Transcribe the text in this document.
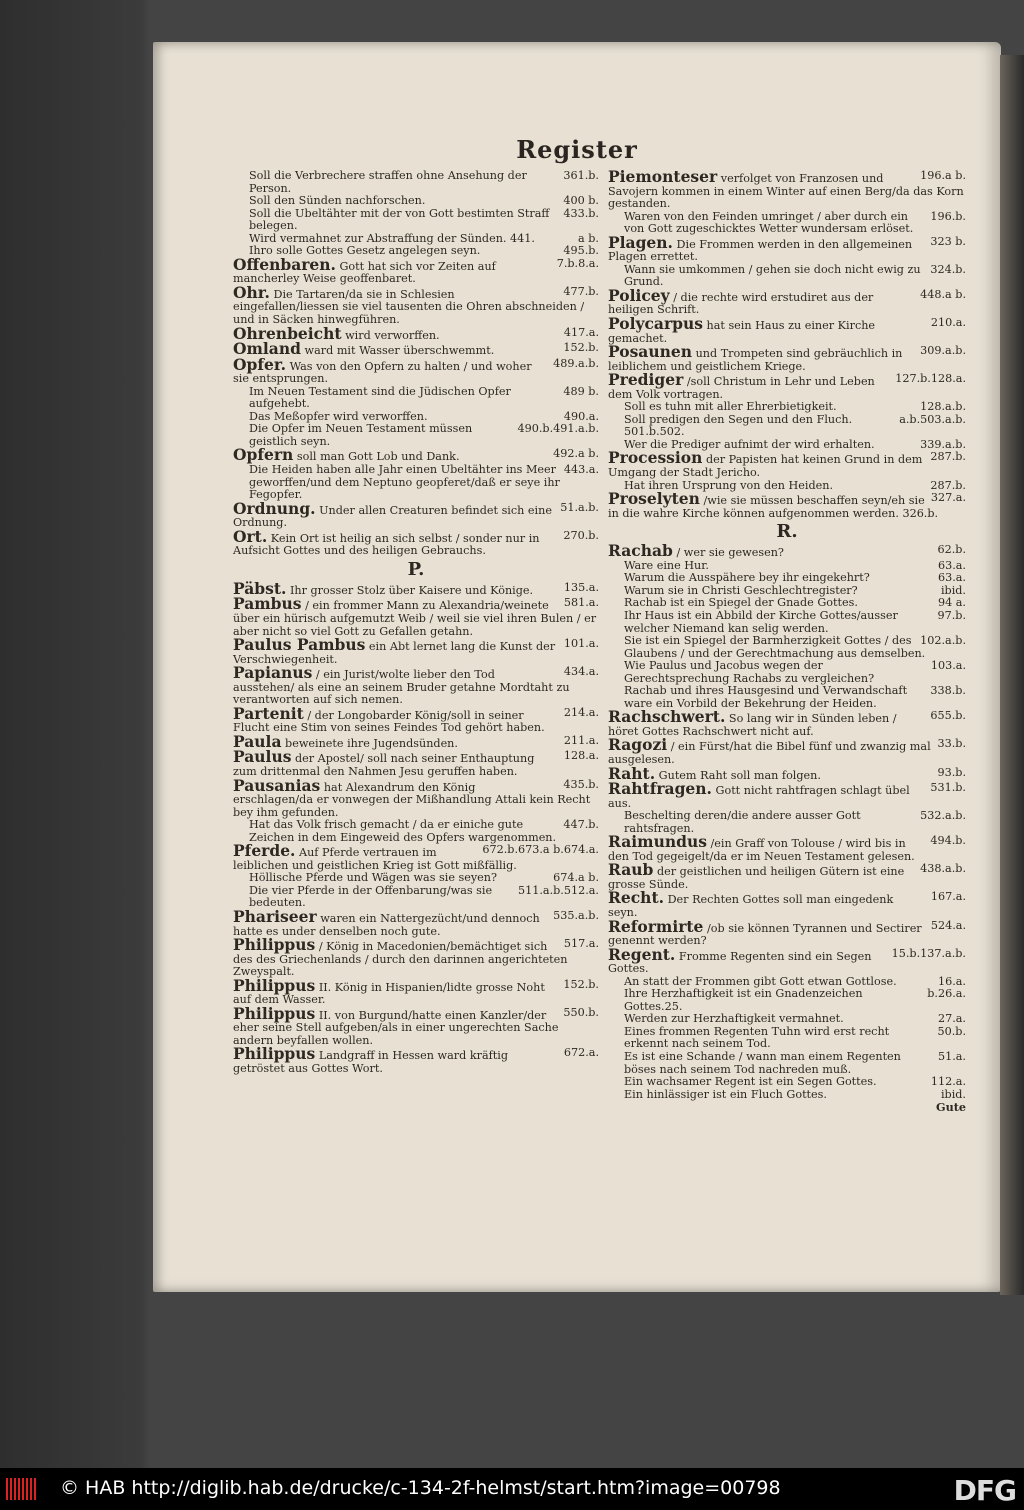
Register
361.b.
Soll die Verbrechere straffen ohne Ansehung der Person.
400 b.
Soll den Sünden nachforschen.
433.b.
Soll die Ubeltähter mit der von Gott bestimten Straff belegen.
a b.
Wird vermahnet zur Abstraffung der Sünden. 441.
495.b.
Ihro solle Gottes Gesetz angelegen seyn.
7.b.8.a.
Offenbaren. Gott hat sich vor Zeiten auf mancherley Weise geoffenbaret.
477.b.
Ohr. Die Tartaren/da sie in Schlesien eingefallen/liessen sie viel tausenten die Ohren abschneiden / und in Säcken hinwegführen.
417.a.
Ohrenbeicht wird verworffen.
152.b.
Omland ward mit Wasser überschwemmt.
489.a.b.
Opfer. Was von den Opfern zu halten / und woher sie entsprungen.
489 b.
Im Neuen Testament sind die Jüdischen Opfer aufgehebt.
490.a.
Das Meßopfer wird verworffen.
490.b.491.a.b.
Die Opfer im Neuen Testament müssen geistlich seyn.
492.a b.
Opfern soll man Gott Lob und Dank.
443.a.
Die Heiden haben alle Jahr einen Ubeltähter ins Meer geworffen/und dem Neptuno geopferet/daß er seye ihr Fegopfer.
51.a.b.
Ordnung. Under allen Creaturen befindet sich eine Ordnung.
270.b.
Ort. Kein Ort ist heilig an sich selbst / sonder nur in Aufsicht Gottes und des heiligen Gebrauchs.
P.
135.a.
Päbst. Ihr grosser Stolz über Kaisere und Könige.
581.a.
Pambus / ein frommer Mann zu Alexandria/weinete über ein hürisch aufgemutzt Weib / weil sie viel ihren Bulen / er aber nicht so viel Gott zu Gefallen getahn.
101.a.
Paulus Pambus ein Abt lernet lang die Kunst der Verschwiegenheit.
434.a.
Papianus / ein Jurist/wolte lieber den Tod ausstehen/ als eine an seinem Bruder getahne Mordtaht zu verantworten auf sich nemen.
214.a.
Partenit / der Longobarder König/soll in seiner Flucht eine Stim von seines Feindes Tod gehört haben.
211.a.
Paula beweinete ihre Jugendsünden.
128.a.
Paulus der Apostel/ soll nach seiner Enthauptung zum drittenmal den Nahmen Jesu geruffen haben.
435.b.
Pausanias hat Alexandrum den König erschlagen/da er vonwegen der Mißhandlung Attali kein Recht bey ihm gefunden.
447.b.
Hat das Volk frisch gemacht / da er einiche gute Zeichen in dem Eingeweid des Opfers wargenommen.
672.b.673.a b.674.a.
Pferde. Auf Pferde vertrauen im leiblichen und geistlichen Krieg ist Gott mißfällig.
674.a b.
Höllische Pferde und Wägen was sie seyen?
511.a.b.512.a.
Die vier Pferde in der Offenbarung/was sie bedeuten.
535.a.b.
Phariseer waren ein Nattergezücht/und dennoch hatte es under denselben noch gute.
517.a.
Philippus / König in Macedonien/bemächtiget sich des des Griechenlands / durch den darinnen angerichteten Zweyspalt.
152.b.
Philippus II. König in Hispanien/lidte grosse Noht auf dem Wasser.
550.b.
Philippus II. von Burgund/hatte einen Kanzler/der eher seine Stell aufgeben/als in einer ungerechten Sache andern beyfallen wollen.
672.a.
Philippus Landgraff in Hessen ward kräftig getröstet aus Gottes Wort.
196.a b.
Piemonteser verfolget von Franzosen und Savojern kommen in einem Winter auf einen Berg/da das Korn gestanden.
196.b.
Waren von den Feinden umringet / aber durch ein von Gott zugeschicktes Wetter wundersam erlöset.
323 b.
Plagen. Die Frommen werden in den allgemeinen Plagen errettet.
324.b.
Wann sie umkommen / gehen sie doch nicht ewig zu Grund.
448.a b.
Policey / die rechte wird erstudiret aus der heiligen Schrift.
210.a.
Polycarpus hat sein Haus zu einer Kirche gemachet.
309.a.b.
Posaunen und Trompeten sind gebräuchlich in leiblichem und geistlichem Kriege.
127.b.128.a.
Prediger /soll Christum in Lehr und Leben dem Volk vortragen.
128.a.b.
Soll es tuhn mit aller Ehrerbietigkeit.
a.b.503.a.b.
Soll predigen den Segen und den Fluch. 501.b.502.
339.a.b.
Wer die Prediger aufnimt der wird erhalten.
287.b.
Procession der Papisten hat keinen Grund in dem Umgang der Stadt Jericho.
287.b.
Hat ihren Ursprung von den Heiden.
327.a.
Proselyten /wie sie müssen beschaffen seyn/eh sie in die wahre Kirche können aufgenommen werden. 326.b.
R.
62.b.
Rachab / wer sie gewesen?
63.a.
Ware eine Hur.
63.a.
Warum die Ausspähere bey ihr eingekehrt?
ibid.
Warum sie in Christi Geschlechtregister?
94 a.
Rachab ist ein Spiegel der Gnade Gottes.
97.b.
Ihr Haus ist ein Abbild der Kirche Gottes/ausser welcher Niemand kan selig werden.
102.a.b.
Sie ist ein Spiegel der Barmherzigkeit Gottes / des Glaubens / und der Gerechtmachung aus demselben.
103.a.
Wie Paulus und Jacobus wegen der Gerechtsprechung Rachabs zu vergleichen?
338.b.
Rachab und ihres Hausgesind und Verwandschaft ware ein Vorbild der Bekehrung der Heiden.
655.b.
Rachschwert. So lang wir in Sünden leben / höret Gottes Rachschwert nicht auf.
33.b.
Ragozi / ein Fürst/hat die Bibel fünf und zwanzig mal ausgelesen.
93.b.
Raht. Gutem Raht soll man folgen.
531.b.
Rahtfragen. Gott nicht rahtfragen schlagt übel aus.
532.a.b.
Beschelting deren/die andere ausser Gott rahtsfragen.
494.b.
Raimundus /ein Graff von Tolouse / wird bis in den Tod gegeigelt/da er im Neuen Testament gelesen.
438.a.b.
Raub der geistlichen und heiligen Gütern ist eine grosse Sünde.
167.a.
Recht. Der Rechten Gottes soll man eingedenk seyn.
524.a.
Reformirte /ob sie können Tyrannen und Sectirer genennt werden?
15.b.137.a.b.
Regent. Fromme Regenten sind ein Segen Gottes.
16.a.
An statt der Frommen gibt Gott etwan Gottlose.
b.26.a.
Ihre Herzhaftigkeit ist ein Gnadenzeichen Gottes.25.
27.a.
Werden zur Herzhaftigkeit vermahnet.
50.b.
Eines frommen Regenten Tuhn wird erst recht erkennt nach seinem Tod.
51.a.
Es ist eine Schande / wann man einem Regenten böses nach seinem Tod nachreden muß.
112.a.
Ein wachsamer Regent ist ein Segen Gottes.
ibid.
Ein hinlässiger ist ein Fluch Gottes.
Gute
© HAB http://diglib.hab.de/drucke/c-134-2f-helmst/start.htm?image=00798	DFG
